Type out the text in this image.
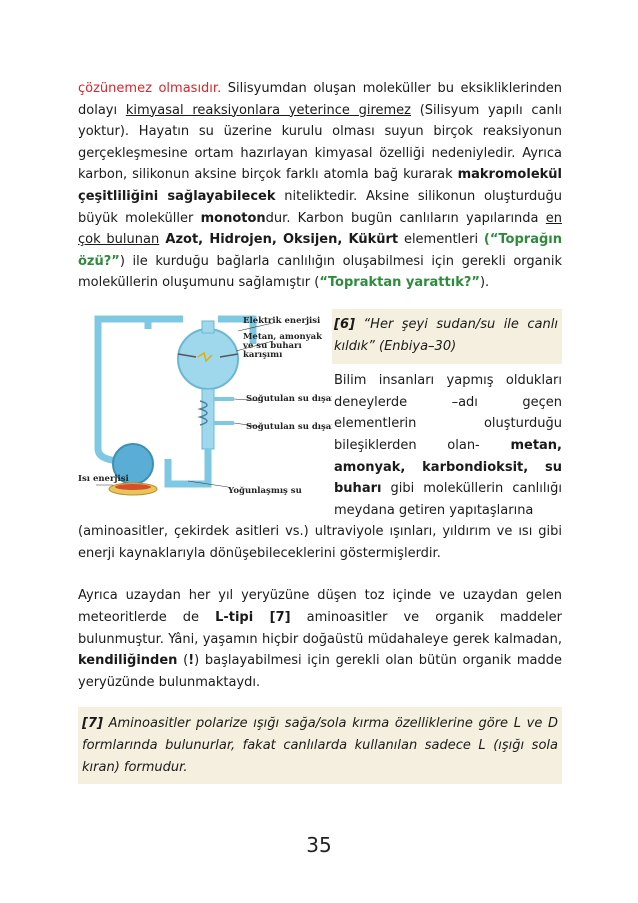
çözünemez olmasıdır. Silisyumdan oluşan moleküller bu eksikliklerinden dolayı kimyasal reaksiyonlara yeterince giremez (Silisyum yapılı canlı yoktur). Hayatın su üzerine kurulu olması suyun birçok reaksiyonun gerçekleşmesine ortam hazırlayan kimyasal özelliği nedeniyledir. Ayrıca karbon, silikonun aksine birçok farklı atomla bağ kurarak makromolekül çeşitliliğini sağlayabilecek niteliktedir. Aksine silikonun oluşturduğu büyük moleküller monotondur. Karbon bugün canlıların yapılarında en çok bulunan Azot, Hidrojen, Oksijen, Kükürt elementleri (“Toprağın özü?”) ile kurduğu bağlarla canlılığın oluşabilmesi için gerekli organik moleküllerin oluşumunu sağlamıştır (“Topraktan yarattık?”).

Elektrik enerjisi
Metan, amonyak
ve su buharı
karışımı
Soğutulan su dışarı
Soğutulan su dışarı
Isı enerjisi
Yoğunlaşmış su
[6] “Her şeyi sudan/su ile canlı kıldık” (Enbiya–30)

Bilim insanları yapmış oldukları deneylerde –adı geçen elementlerin oluşturduğu bileşiklerden olan- metan, amonyak, karbondioksit, su buharı gibi moleküllerin canlılığı meydana getiren yapıtaşlarına

(aminoasitler, çekirdek asitleri vs.) ultraviyole ışınları, yıldırım ve ısı gibi enerji kaynaklarıyla dönüşebileceklerini göstermişlerdir.

Ayrıca uzaydan her yıl yeryüzüne düşen toz içinde ve uzaydan gelen meteoritlerde de L-tipi [7] aminoasitler ve organik maddeler bulunmuştur. Yâni, yaşamın hiçbir doğaüstü müdahaleye gerek kalmadan, kendiliğinden (!) başlayabilmesi için gerekli olan bütün organik madde yeryüzünde bulunmaktaydı.

[7] Aminoasitler polarize ışığı sağa/sola kırma özelliklerine göre L ve D formlarında bulunurlar, fakat canlılarda kullanılan sadece L (ışığı sola kıran) formudur.
35
